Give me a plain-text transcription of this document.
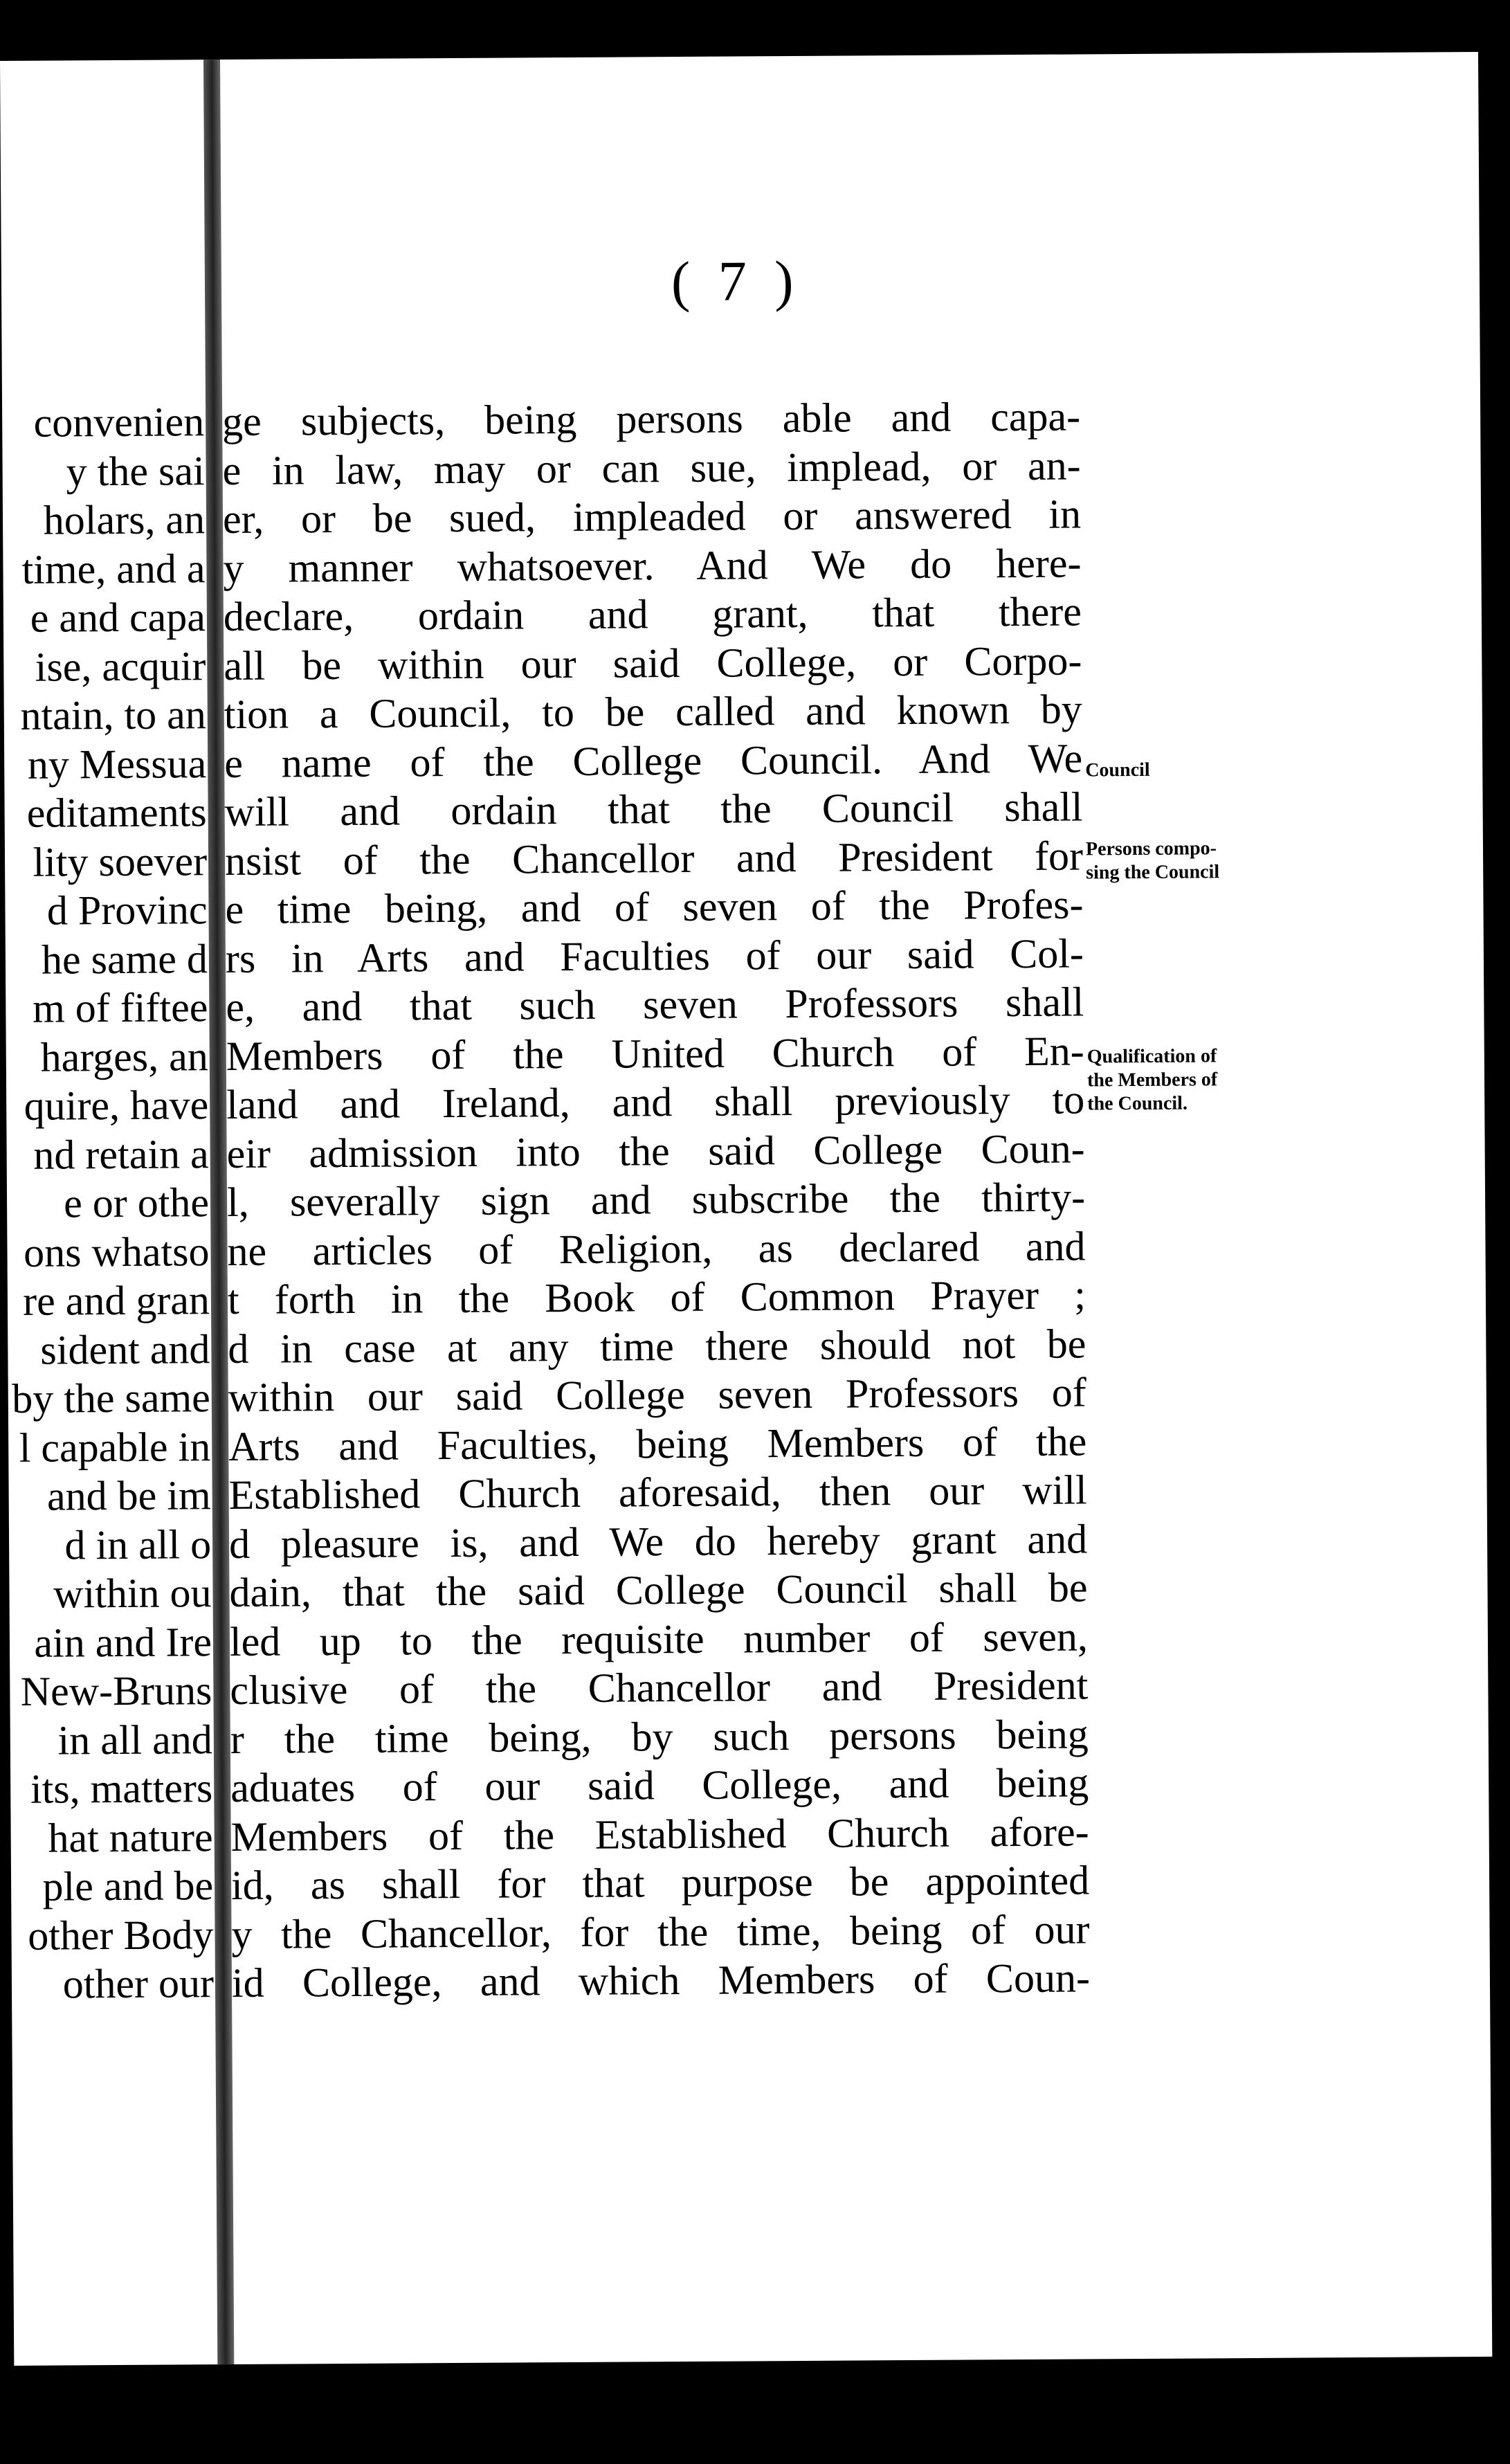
( 7 )
convenien
y the sai
holars, an
time, and a
e and capa
ise, acquir
ntain, to an
ny Messua
editaments
lity soever
d Provinc
he same d
m of fiftee
harges, an
quire, have
nd retain a
e or othe
ons whatso
re and gran
sident and
by the same
l capable in
and be im
d in all o
within ou
ain and Ire
New-Bruns
in all and
its, matters
hat nature
ple and be
other Body
other our
ge subjects, being persons able and capa-
e in law, may or can sue, implead, or an-
er, or be sued, impleaded or answered in
y manner whatsoever. And We do here-
declare, ordain and grant, that there
all be within our said College, or Corpo-
tion a Council, to be called and known by
e name of the College Council. And We
will and ordain that the Council shall
nsist of the Chancellor and President for
e time being, and of seven of the Profes-
rs in Arts and Faculties of our said Col-
e, and that such seven Professors shall
Members of the United Church of En-
land and Ireland, and shall previously to
eir admission into the said College Coun-
l, severally sign and subscribe the thirty-
ne articles of Religion, as declared and
t forth in the Book of Common Prayer ;
d in case at any time there should not be
within our said College seven Professors of
Arts and Faculties, being Members of the
Established Church aforesaid, then our will
d pleasure is, and We do hereby grant and
dain, that the said College Council shall be
led up to the requisite number of seven,
clusive of the Chancellor and President
r the time being, by such persons being
aduates of our said College, and being
Members of the Established Church afore-
id, as shall for that purpose be appointed
y the Chancellor, for the time, being of our
id College, and which Members of Coun-
Council
Persons compo-
sing the Council
Qualification of
the Members of
the Council.
